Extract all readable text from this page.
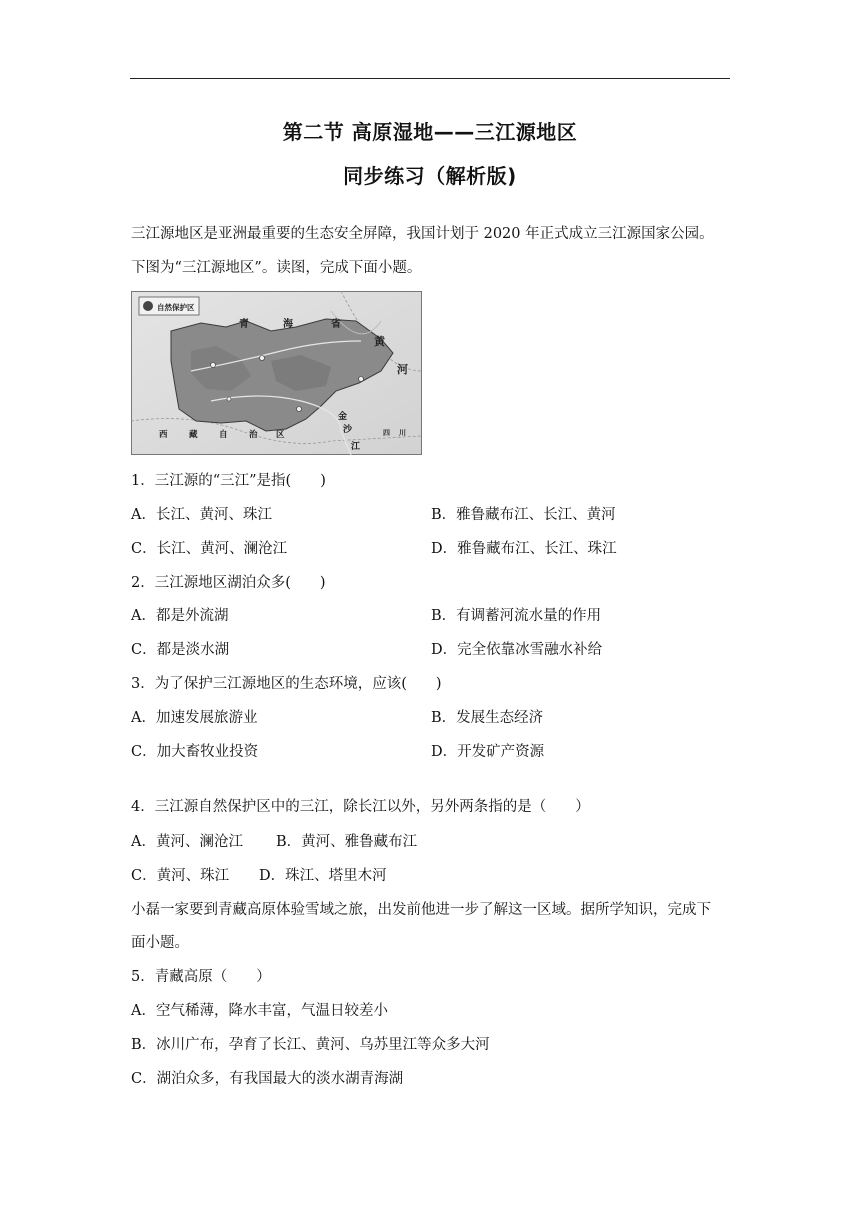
第二节 高原湿地——三江源地区
同步练习（解析版)
三江源地区是亚洲最重要的生态安全屏障，我国计划于 2020 年正式成立三江源国家公园。
下图为“三江源地区”。读图，完成下面小题。
自然保护区
青	海	省
黄
河
西	藏	自	治 区
金
沙
江
四 川
1．三江源的“三江”是指(　　)
A．长江、黄河、珠江	B．雅鲁藏布江、长江、黄河
C．长江、黄河、澜沧江	D．雅鲁藏布江、长江、珠江
2．三江源地区湖泊众多(　　)
A．都是外流湖	B．有调蓄河流水量的作用
C．都是淡水湖	D．完全依靠冰雪融水补给
3．为了保护三江源地区的生态环境，应该(　　)
A．加速发展旅游业	B．发展生态经济
C．加大畜牧业投资	D．开发矿产资源
4．三江源自然保护区中的三江，除长江以外，另外两条指的是（　　）
A．黄河、澜沧江 B．黄河、雅鲁藏布江
C．黄河、珠江 D．珠江、塔里木河
小磊一家要到青藏高原体验雪域之旅，出发前他进一步了解这一区域。据所学知识，完成下
面小题。
5．青藏高原（　　）
A．空气稀薄，降水丰富，气温日较差小
B．冰川广布，孕育了长江、黄河、乌苏里江等众多大河
C．湖泊众多，有我国最大的淡水湖青海湖
